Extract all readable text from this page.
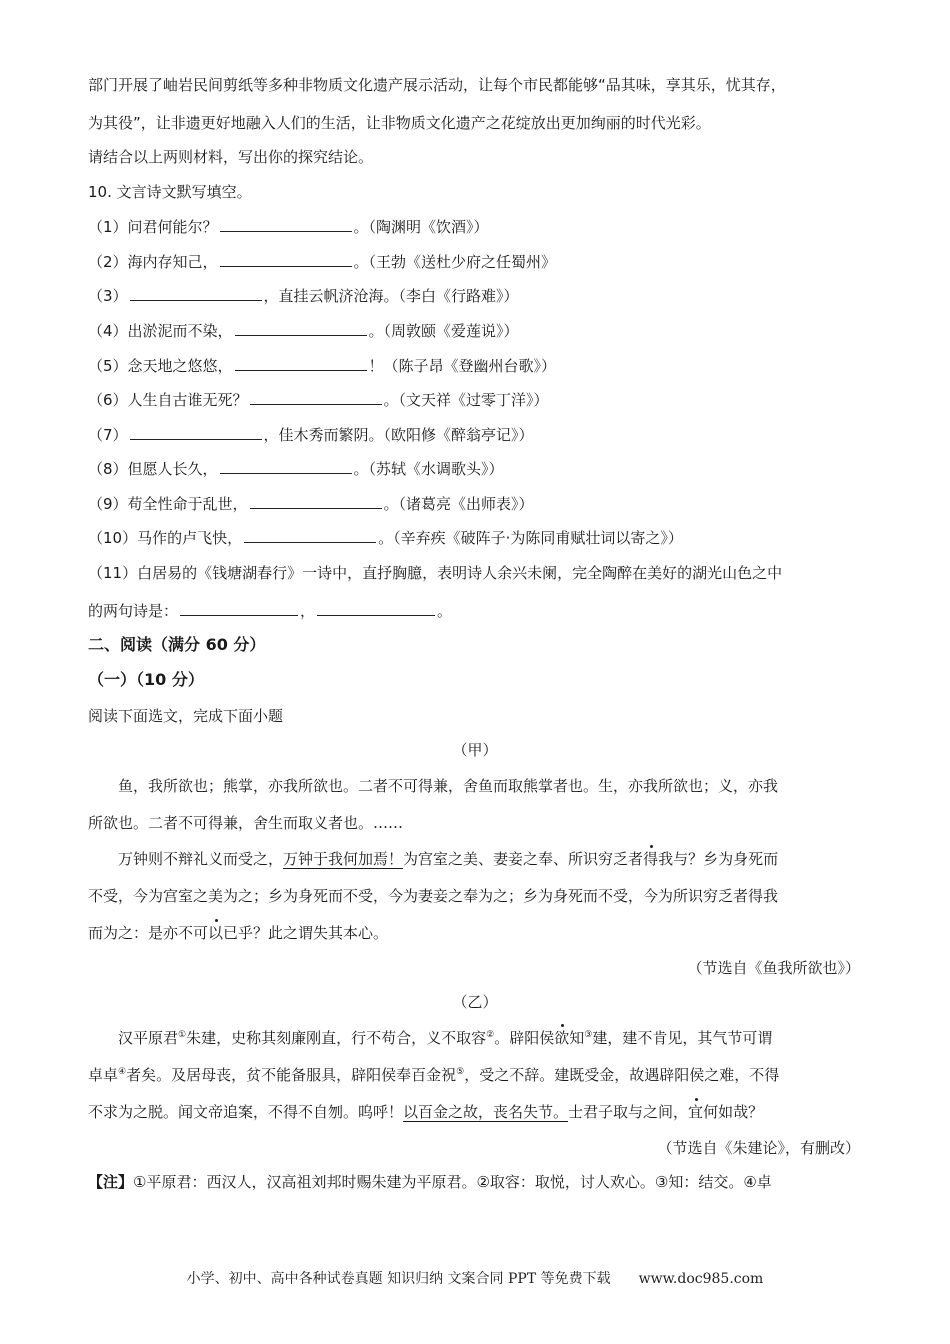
部门开展了岫岩民间剪纸等多种非物质文化遗产展示活动，让每个市民都能够“品其味，享其乐，忧其存，
为其役”，让非遗更好地融入人们的生活，让非物质文化遗产之花绽放出更加绚丽的时代光彩。
请结合以上两则材料，写出你的探究结论。
10. 文言诗文默写填空。
（1）问君何能尔？	。（陶渊明《饮酒》）
（2）海内存知己，	。（王勃《送杜少府之任蜀州》
（3）	，直挂云帆济沧海。（李白《行路难》）
（4）出淤泥而不染，	。（周敦颐《爱莲说》）
（5）念天地之悠悠，	！（陈子昂《登幽州台歌》）
（6）人生自古谁无死？	。（文天祥《过零丁洋》）
（7）	，佳木秀而繁阴。（欧阳修《醉翁亭记》）
（8）但愿人长久，	。（苏轼《水调歌头》）
（9）苟全性命于乱世，	。（诸葛亮《出师表》）
（10）马作的卢飞快，	。（辛弃疾《破阵子·为陈同甫赋壮词以寄之》）
（11）白居易的《钱塘湖春行》一诗中，直抒胸臆，表明诗人余兴未阑，完全陶醉在美好的湖光山色之中
的两句诗是：	，	。
二、阅读（满分 60 分）
（一）（10 分）
阅读下面选文，完成下面小题
（甲）
鱼，我所欲也；熊掌，亦我所欲也。二者不可得兼，舍鱼而取熊掌者也。生，亦我所欲也；义，亦我
所欲也。二者不可得兼，舍生而取义者也。……
万钟则不辩礼义而受之，万钟于我何加焉！为宫室之美、妻妾之奉、所识穷乏者得我与？乡为身死而
不受，今为宫室之美为之；乡为身死而不受，今为妻妾之奉为之；乡为身死而不受，今为所识穷乏者得我
而为之：是亦不可以已乎？此之谓失其本心。
（节选自《鱼我所欲也》）
（乙）
汉平原君①朱建，史称其刻廉刚直，行不苟合，义不取容②。辟阳侯欲知③建，建不肯见，其气节可谓
卓卓④者矣。及居母丧，贫不能备服具，辟阳侯奉百金祝⑤，受之不辞。建既受金，故遇辟阳侯之难，不得
不求为之脱。闻文帝追案，不得不自刎。呜呼！以百金之故，丧名失节。士君子取与之间，宜何如哉？
（节选自《朱建论》，有删改）
【注】①平原君：西汉人，汉高祖刘邦时赐朱建为平原君。②取容：取悦，讨人欢心。③知：结交。④卓
小学、初中、高中各种试卷真题 知识归纳 文案合同 PPT 等免费下载 www.doc985.com
